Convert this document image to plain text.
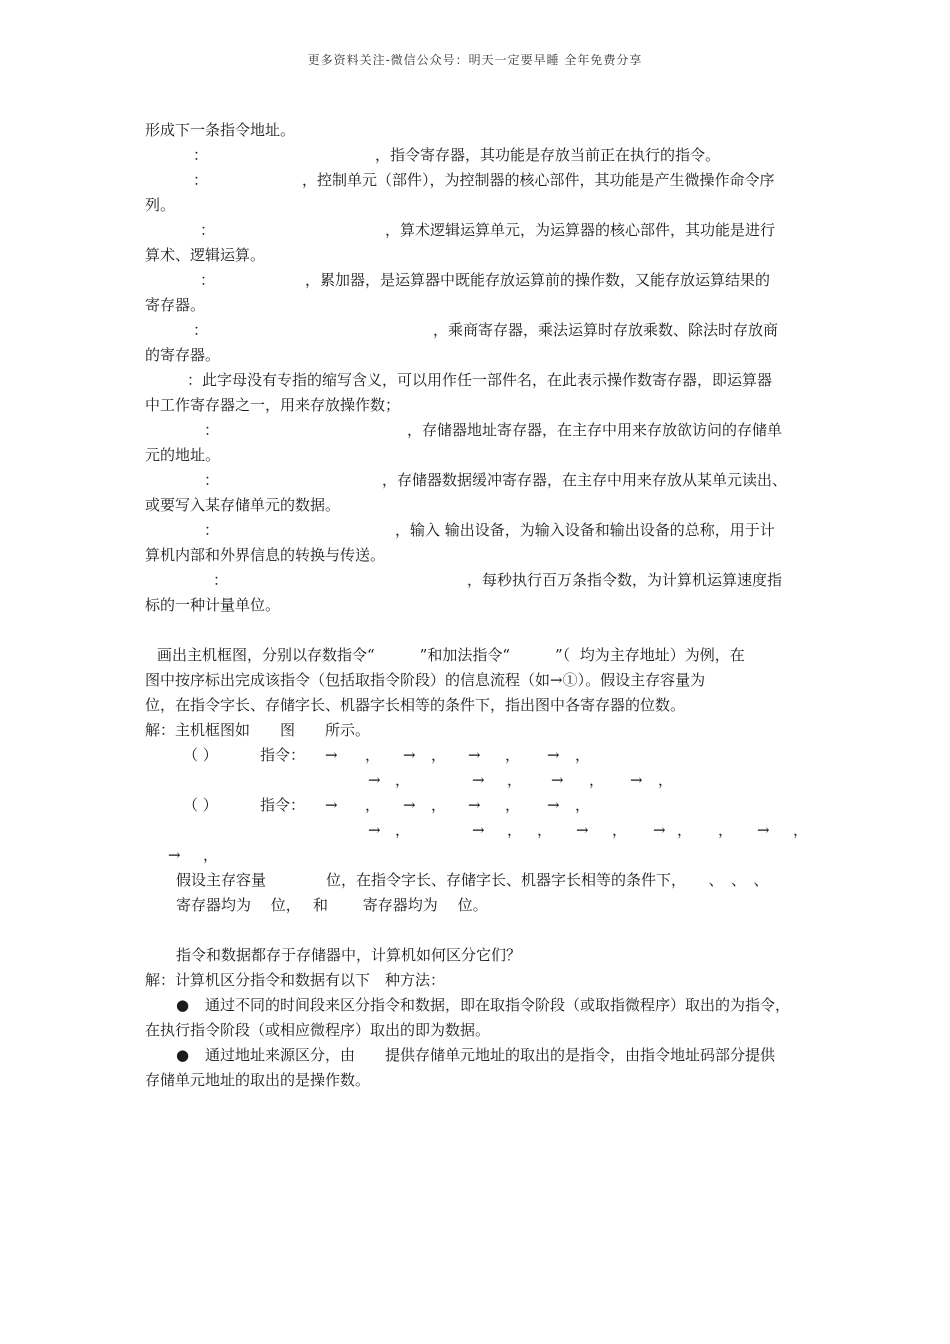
更多资料关注-微信公众号：明天一定要早睡 全年免费分享
形成下一条指令地址。

：

	，指令寄存器，其功能是存放当前正在执行的指令。

：

	，控制单元（部件），为控制器的核心部件，其功能是产生微操作命令序

列。

：

	，算术逻辑运算单元，为运算器的核心部件，其功能是进行

算术、逻辑运算。

：

	，累加器，是运算器中既能存放运算前的操作数，又能存放运算结果的

寄存器。

：

	，乘商寄存器，乘法运算时存放乘数、除法时存放商

的寄存器。

：此字母没有专指的缩写含义，可以用作任一部件名，在此表示操作数寄存器，即运算器

中工作寄存器之一，用来存放操作数；

：

	，存储器地址寄存器，在主存中用来存放欲访问的存储单

元的地址。

：

	，存储器数据缓冲寄存器，在主存中用来存放从某单元读出、

或要写入某存储单元的数据。

：

	，输入 输出设备，为输入设备和输出设备的总称，用于计

算机内部和外界信息的转换与传送。

：

	，每秒执行百万条指令数，为计算机运算速度指

标的一种计量单位。
画出主机框图，分别以存数指令“　　　”和加法指令“　　　”（  均为主存地址）为例，在
图中按序标出完成该指令（包括取指令阶段）的信息流程（如→①）。假设主存容量为
位，在指令字长、存储字长、机器字长相等的条件下，指出图中各寄存器的位数。
解：主机框图如　　图　　所示。

（ ）

	指令：

→

，

→

，

→

，

→

，

→

，

	→

，

→

，

→

，

（ ）

	指令：

→

，

→

，

→

，

→

，

→

，

	→

，

，

→

，

→

，

，

→

，

→

，

假设主存容量　　　　位，在指令字长、存储字长、机器字长相等的条件下，　　、　、　、
寄存器均为　 位，　 和　　 寄存器均为　 位。
指令和数据都存于存储器中，计算机如何区分它们？
解：计算机区分指令和数据有以下　种方法：

●

通过不同的时间段来区分指令和数据，即在取指令阶段（或取指微程序）取出的为指令，

在执行指令阶段（或相应微程序）取出的即为数据。

●

通过地址来源区分，由　　提供存储单元地址的取出的是指令，由指令地址码部分提供

存储单元地址的取出的是操作数。
